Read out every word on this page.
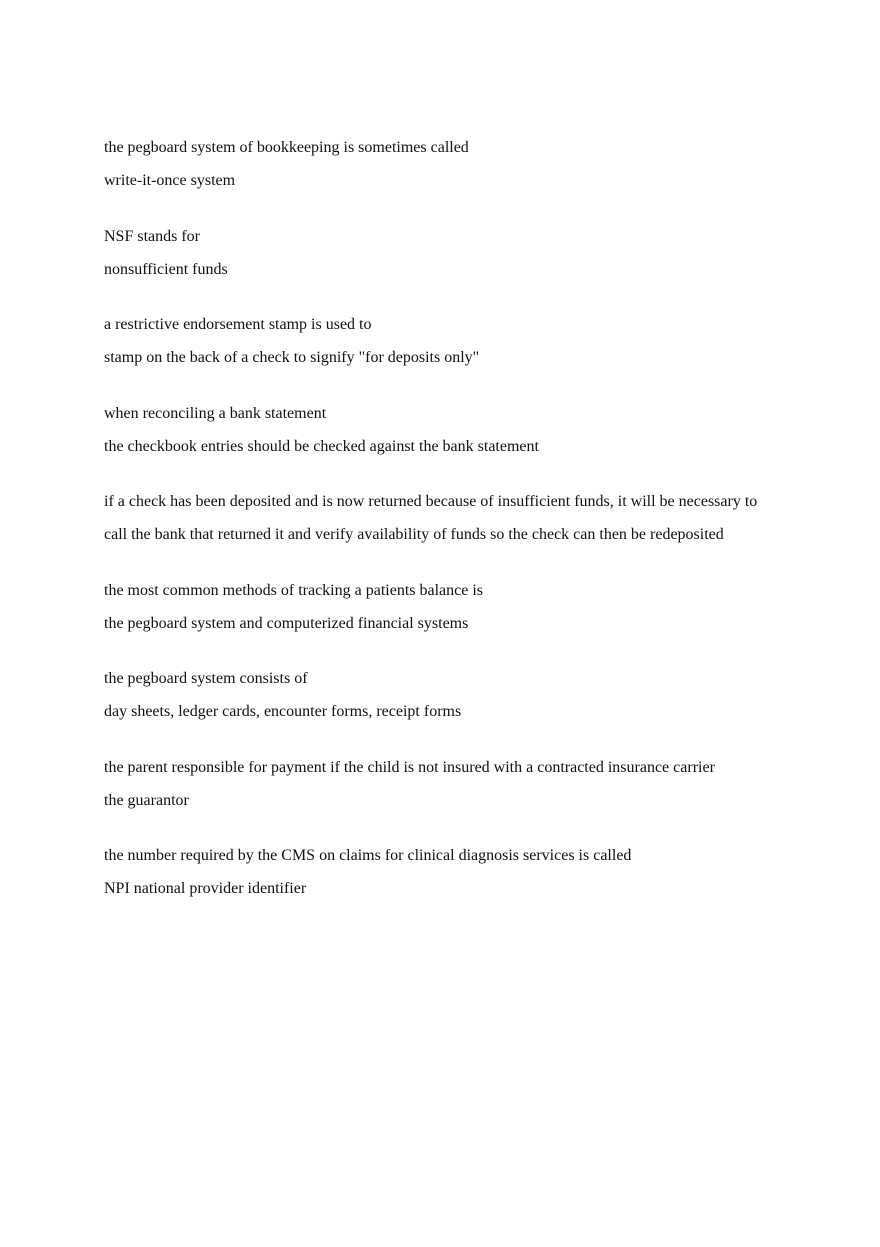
the pegboard system of bookkeeping is sometimes called

write-it-once system

NSF stands for

nonsufficient funds

a restrictive endorsement stamp is used to

stamp on the back of a check to signify "for deposits only"

when reconciling a bank statement

the checkbook entries should be checked against the bank statement

if a check has been deposited and is now returned because of insufficient funds, it will be necessary to

call the bank that returned it and verify availability of funds so the check can then be redeposited

the most common methods of tracking a patients balance is

the pegboard system and computerized financial systems

the pegboard system consists of

day sheets, ledger cards, encounter forms, receipt forms

the parent responsible for payment if the child is not insured with a contracted insurance carrier

the guarantor

the number required by the CMS on claims for clinical diagnosis services is called

NPI national provider identifier
